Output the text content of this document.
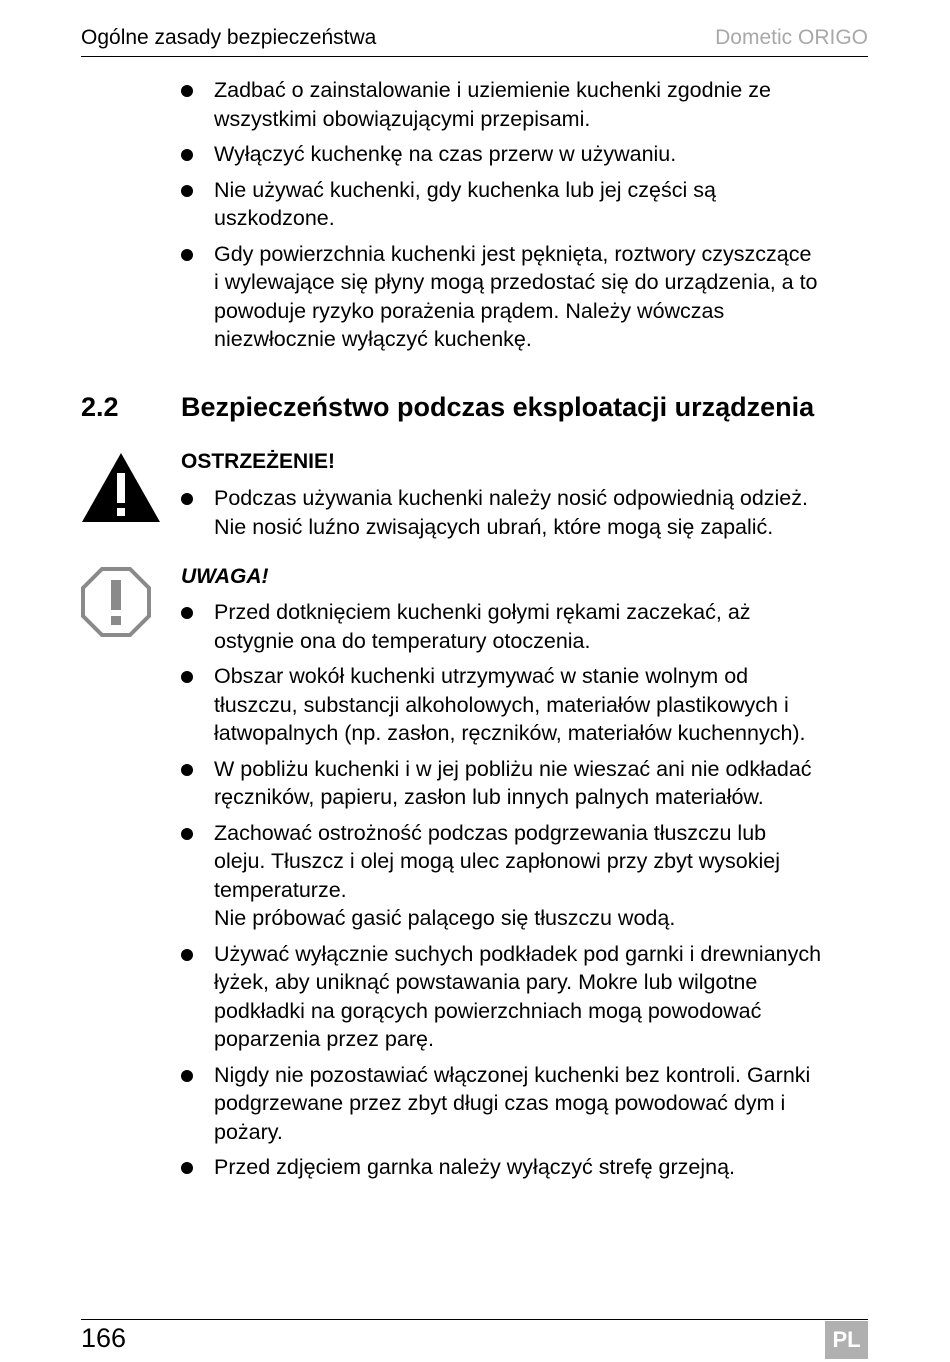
Ogólne zasady bezpieczeństwa	Dometic ORIGO
Zadbać o zainstalowanie i uziemienie kuchenki zgodnie ze
wszystkimi obowiązującymi przepisami.
Wyłączyć kuchenkę na czas przerw w używaniu.
Nie używać kuchenki, gdy kuchenka lub jej części są
uszkodzone.
Gdy powierzchnia kuchenki jest pęknięta, roztwory czyszczące
i wylewające się płyny mogą przedostać się do urządzenia, a to
powoduje ryzyko porażenia prądem. Należy wówczas
niezwłocznie wyłączyć kuchenkę.
2.2 Bezpieczeństwo podczas eksploatacji urządzenia
OSTRZEŻENIE!
Podczas używania kuchenki należy nosić odpowiednią odzież.
Nie nosić luźno zwisających ubrań, które mogą się zapalić.
UWAGA!
Przed dotknięciem kuchenki gołymi rękami zaczekać, aż
ostygnie ona do temperatury otoczenia.
Obszar wokół kuchenki utrzymywać w stanie wolnym od
tłuszczu, substancji alkoholowych, materiałów plastikowych i
łatwopalnych (np. zasłon, ręczników, materiałów kuchennych).
W pobliżu kuchenki i w jej pobliżu nie wieszać ani nie odkładać
ręczników, papieru, zasłon lub innych palnych materiałów.
Zachować ostrożność podczas podgrzewania tłuszczu lub
oleju. Tłuszcz i olej mogą ulec zapłonowi przy zbyt wysokiej
temperaturze.
Nie próbować gasić palącego się tłuszczu wodą.
Używać wyłącznie suchych podkładek pod garnki i drewnianych
łyżek, aby uniknąć powstawania pary. Mokre lub wilgotne
podkładki na gorących powierzchniach mogą powodować
poparzenia przez parę.
Nigdy nie pozostawiać włączonej kuchenki bez kontroli. Garnki
podgrzewane przez zbyt długi czas mogą powodować dym i
pożary.
Przed zdjęciem garnka należy wyłączyć strefę grzejną.
166	PL
